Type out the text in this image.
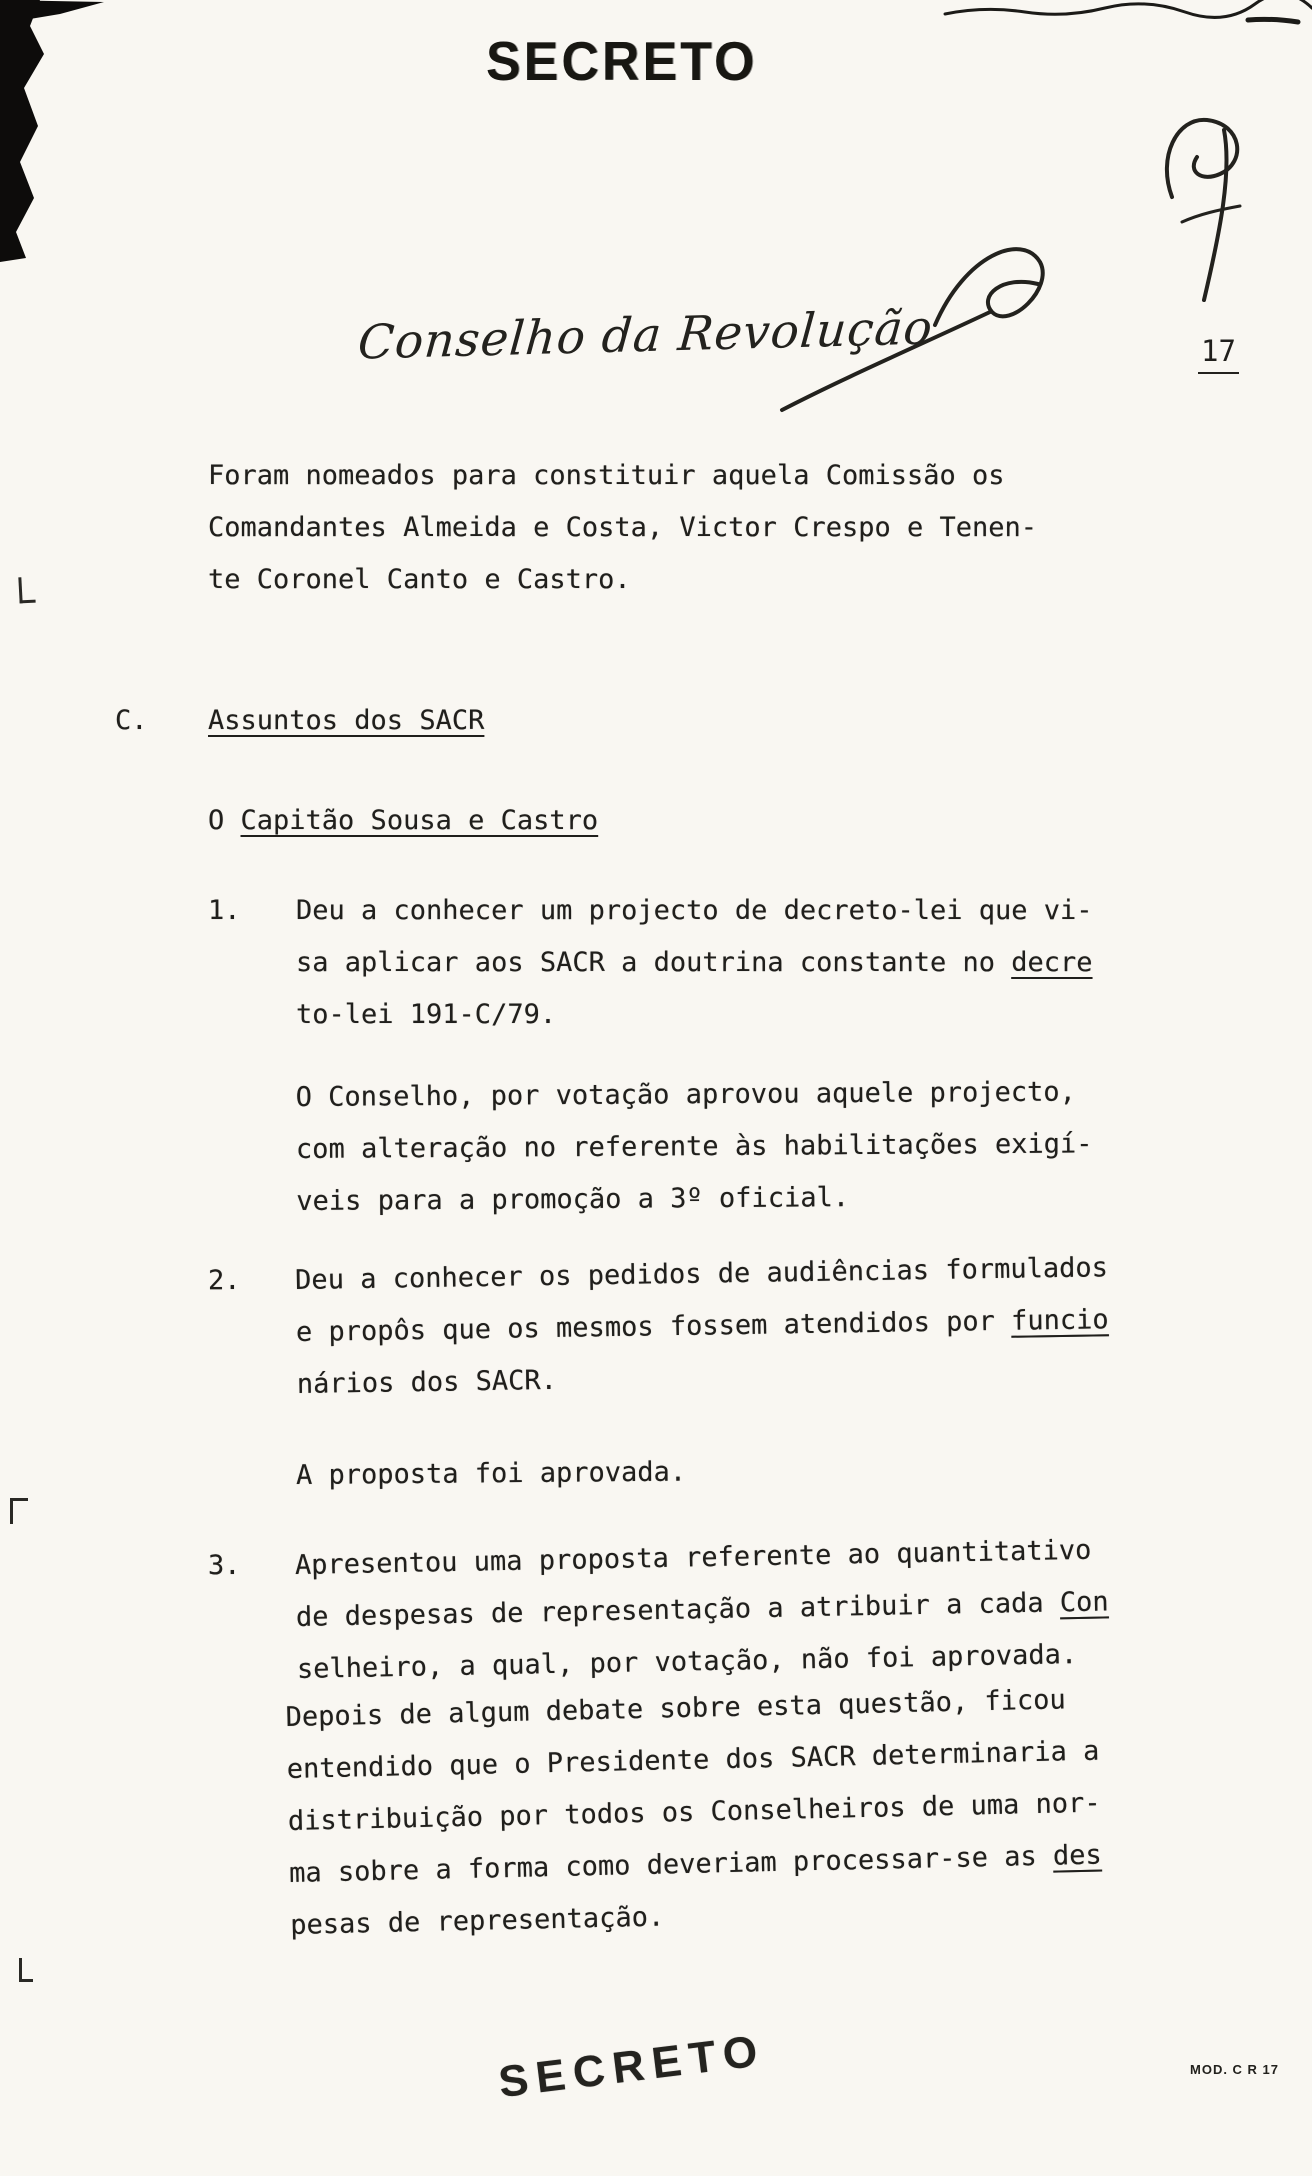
SECRETO
Conselho da Revolução	17
Foram nomeados para constituir aquela Comissão os
Comandantes Almeida e Costa, Victor Crespo e Tenen-
te Coronel Canto e Castro.
C. Assuntos dos SACR
O Capitão Sousa e Castro
1. Deu a conhecer um projecto de decreto-lei que vi-
sa aplicar aos SACR a doutrina constante no decre
to-lei 191-C/79.
O Conselho, por votação aprovou aquele projecto,
com alteração no referente às habilitações exigí-
veis para a promoção a 3º oficial.
2. Deu a conhecer os pedidos de audiências formulados
e propôs que os mesmos fossem atendidos por funcio
nários dos SACR.
A proposta foi aprovada.
3. Apresentou uma proposta referente ao quantitativo
de despesas de representação a atribuir a cada Con
selheiro, a qual, por votação, não foi aprovada.
Depois de algum debate sobre esta questão, ficou
entendido que o Presidente dos SACR determinaria a
distribuição por todos os Conselheiros de uma nor-
ma sobre a forma como deveriam processar-se as des
pesas de representação.
SECRETO	MOD. C R 17
